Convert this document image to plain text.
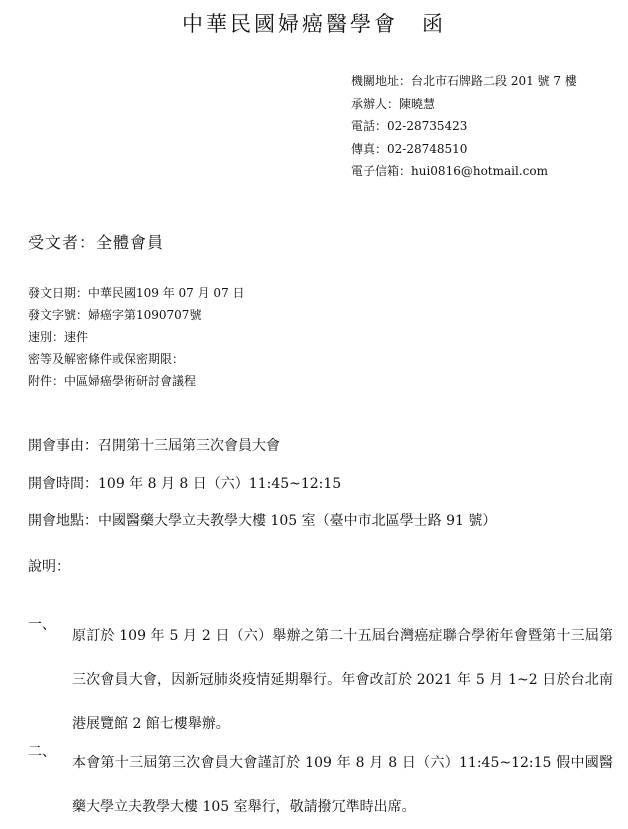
中華民國婦癌醫學會　函
機關地址：台北市石牌路二段 201 號 7 樓
承辦人：陳曉慧
電話：02-28735423
傳真：02-28748510
電子信箱：hui0816@hotmail.com
受文者：全體會員
發文日期：中華民國109 年 07 月 07 日
發文字號：婦癌字第1090707號
速別：速件
密等及解密條件或保密期限：
附件：中區婦癌學術研討會議程
開會事由：召開第十三屆第三次會員大會
開會時間：109 年 8 月 8 日（六）11:45~12:15
開會地點：中國醫藥大學立夫教學大樓 105 室（臺中市北區學士路 91 號）
說明：
一、
原訂於 109 年 5 月 2 日（六）舉辦之第二十五屆台灣癌症聯合學術年會暨第十三屆第三次會員大會，因新冠肺炎疫情延期舉行。年會改訂於 2021 年 5 月 1~2 日於台北南港展覽館 2 館七樓舉辦。
二、
本會第十三屆第三次會員大會謹訂於 109 年 8 月 8 日（六）11:45~12:15 假中國醫藥大學立夫教學大樓 105 室舉行，敬請撥冗準時出席。
